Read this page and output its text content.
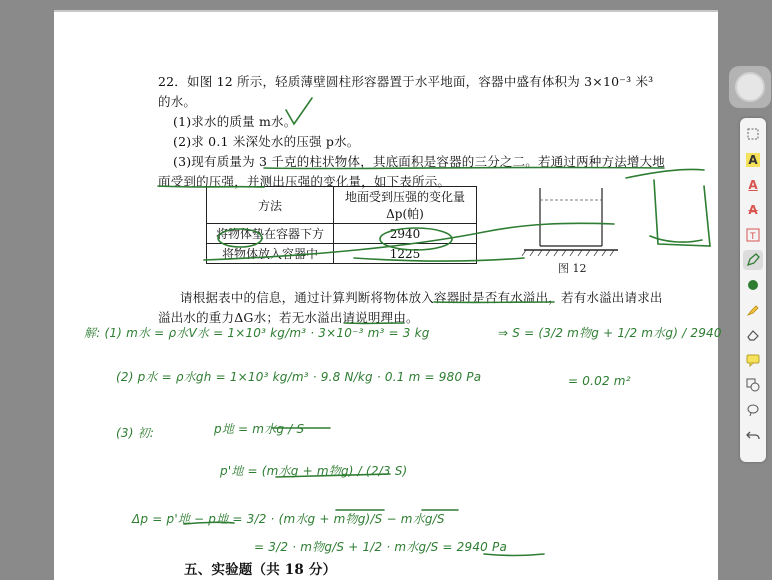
22．如图 12 所示，轻质薄壁圆柱形容器置于水平地面，容器中盛有体积为 3×10⁻³ 米³
的水。
(1)求水的质量 m水。
(2)求 0.1 米深处水的压强 p水。
(3)现有质量为 3 千克的柱状物体，其底面积是容器的三分之二。若通过两种方法增大地
面受到的压强，并测出压强的变化量，如下表所示。
方法	地面受到压强的变化量
Δp(帕)

将物体垫在容器下方	2940
将物体放入容器中	1225
图 12
请根据表中的信息，通过计算判断将物体放入容器时是否有水溢出，若有水溢出请求出
溢出水的重力ΔG水；若无水溢出请说明理由。
五、实验题（共 18 分）
解: (1) m水 = ρ水V水 = 1×10³ kg/m³ · 3×10⁻³ m³ = 3 kg
(2) p水 = ρ水gh = 1×10³ kg/m³ · 9.8 N/kg · 0.1 m = 980 Pa
(3) 初:	p地 = m水g / S
p'地 = (m水g + m物g) / (2/3 S)
Δp = p'地 − p地 = 3/2 · (m水g + m物g)/S − m水g/S
= 3/2 · m物g/S + 1/2 · m水g/S = 2940 Pa
⇒ S = (3/2 m物g + 1/2 m水g) / 2940
= 0.02 m²
A
A
A
T
